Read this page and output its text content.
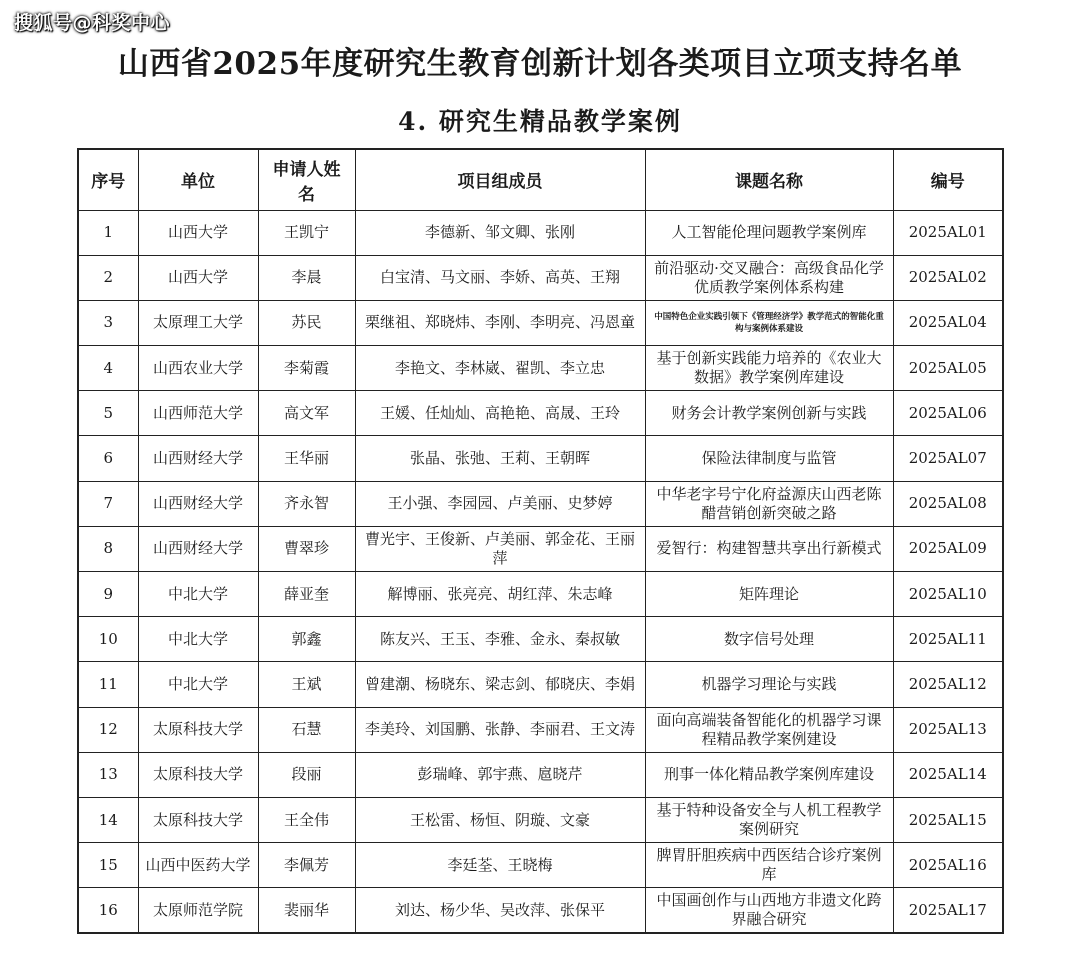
搜狐号@科奖中心
山西省2025年度研究生教育创新计划各类项目立项支持名单
4. 研究生精品教学案例
序号	单位	申请人姓名	项目组成员	课题名称	编号
1	山西大学	王凯宁	李德新、邹文卿、张刚	人工智能伦理问题教学案例库	2025AL01
2	山西大学	李晨	白宝清、马文丽、李娇、高英、王翔	前沿驱动·交叉融合：高级食品化学优质教学案例体系构建	2025AL02
3	太原理工大学	苏民	栗继祖、郑晓炜、李刚、李明亮、冯恩童	中国特色企业实践引领下《管理经济学》教学范式的智能化重构与案例体系建设	2025AL04
4	山西农业大学	李菊霞	李艳文、李林崴、翟凯、李立忠	基于创新实践能力培养的《农业大数据》教学案例库建设	2025AL05
5	山西师范大学	高文军	王媛、任灿灿、高艳艳、高晟、王玲	财务会计教学案例创新与实践	2025AL06
6	山西财经大学	王华丽	张晶、张弛、王莉、王朝晖	保险法律制度与监管	2025AL07
7	山西财经大学	齐永智	王小强、李园园、卢美丽、史梦婷	中华老字号宁化府益源庆山西老陈醋营销创新突破之路	2025AL08
8	山西财经大学	曹翠珍	曹光宇、王俊新、卢美丽、郭金花、王丽萍	爱智行：构建智慧共享出行新模式	2025AL09
9	中北大学	薛亚奎	解博丽、张亮亮、胡红萍、朱志峰	矩阵理论	2025AL10
10	中北大学	郭鑫	陈友兴、王玉、李雅、金永、秦叔敏	数字信号处理	2025AL11
11	中北大学	王斌	曾建潮、杨晓东、梁志剑、郁晓庆、李娟	机器学习理论与实践	2025AL12
12	太原科技大学	石慧	李美玲、刘国鹏、张静、李丽君、王文涛	面向高端装备智能化的机器学习课程精品教学案例建设	2025AL13
13	太原科技大学	段丽	彭瑞峰、郭宇燕、扈晓芹	刑事一体化精品教学案例库建设	2025AL14
14	太原科技大学	王全伟	王松雷、杨恒、阴璇、文豪	基于特种设备安全与人机工程教学案例研究	2025AL15
15	山西中医药大学	李佩芳	李廷荃、王晓梅	脾胃肝胆疾病中西医结合诊疗案例库	2025AL16
16	太原师范学院	裴丽华	刘达、杨少华、吴改萍、张保平	中国画创作与山西地方非遗文化跨界融合研究	2025AL17
